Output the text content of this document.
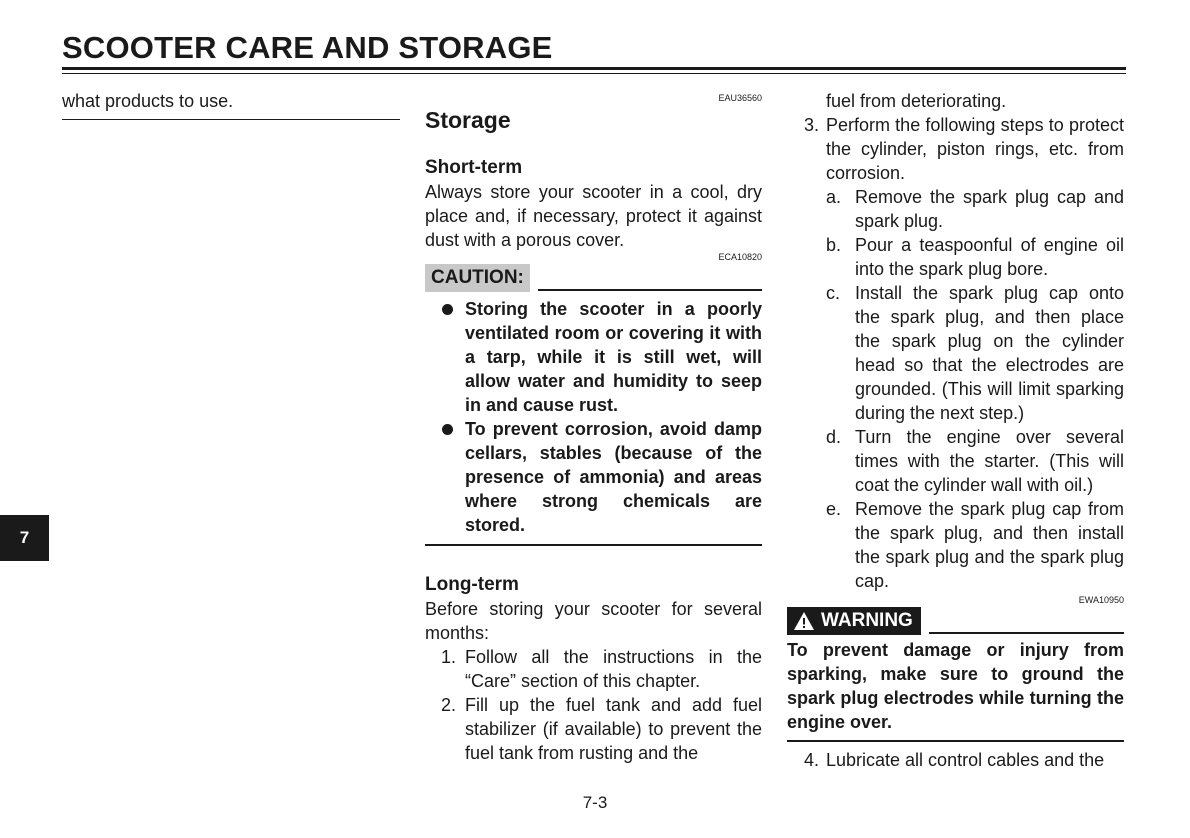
SCOOTER CARE AND STORAGE

what products to use.	EAU36560
Storage
Short-term

Always store your scooter in a cool, dry place and, if necessary, protect it against dust with a porous cover.

ECA10820
CAUTION:
Storing the scooter in a poorly ventilated room or covering it with a tarp, while it is still wet, will allow water and humidity to seep in and cause rust.
To prevent corrosion, avoid damp cellars, stables (because of the presence of ammonia) and areas where strong chemicals are stored.
Long-term

Before storing your scooter for several months:

1. Follow all the instructions in the “Care” section of this chapter.
2. Fill up the fuel tank and add fuel stabilizer (if available) to prevent the fuel tank from rusting and the

fuel from deteriorating.

3. Perform the following steps to protect the cylinder, piston rings, etc. from corrosion.
a. Remove the spark plug cap and spark plug.
b. Pour a teaspoonful of engine oil into the spark plug bore.
c. Install the spark plug cap onto the spark plug, and then place the spark plug on the cylinder head so that the electrodes are grounded. (This will limit sparking during the next step.)
d. Turn the engine over several times with the starter. (This will coat the cylinder wall with oil.)
e. Remove the spark plug cap from the spark plug, and then install the spark plug and the spark plug cap.
EWA10950
WARNING

To prevent damage or injury from sparking, make sure to ground the spark plug electrodes while turning the engine over.

4. Lubricate all control cables and the
7-3
7
